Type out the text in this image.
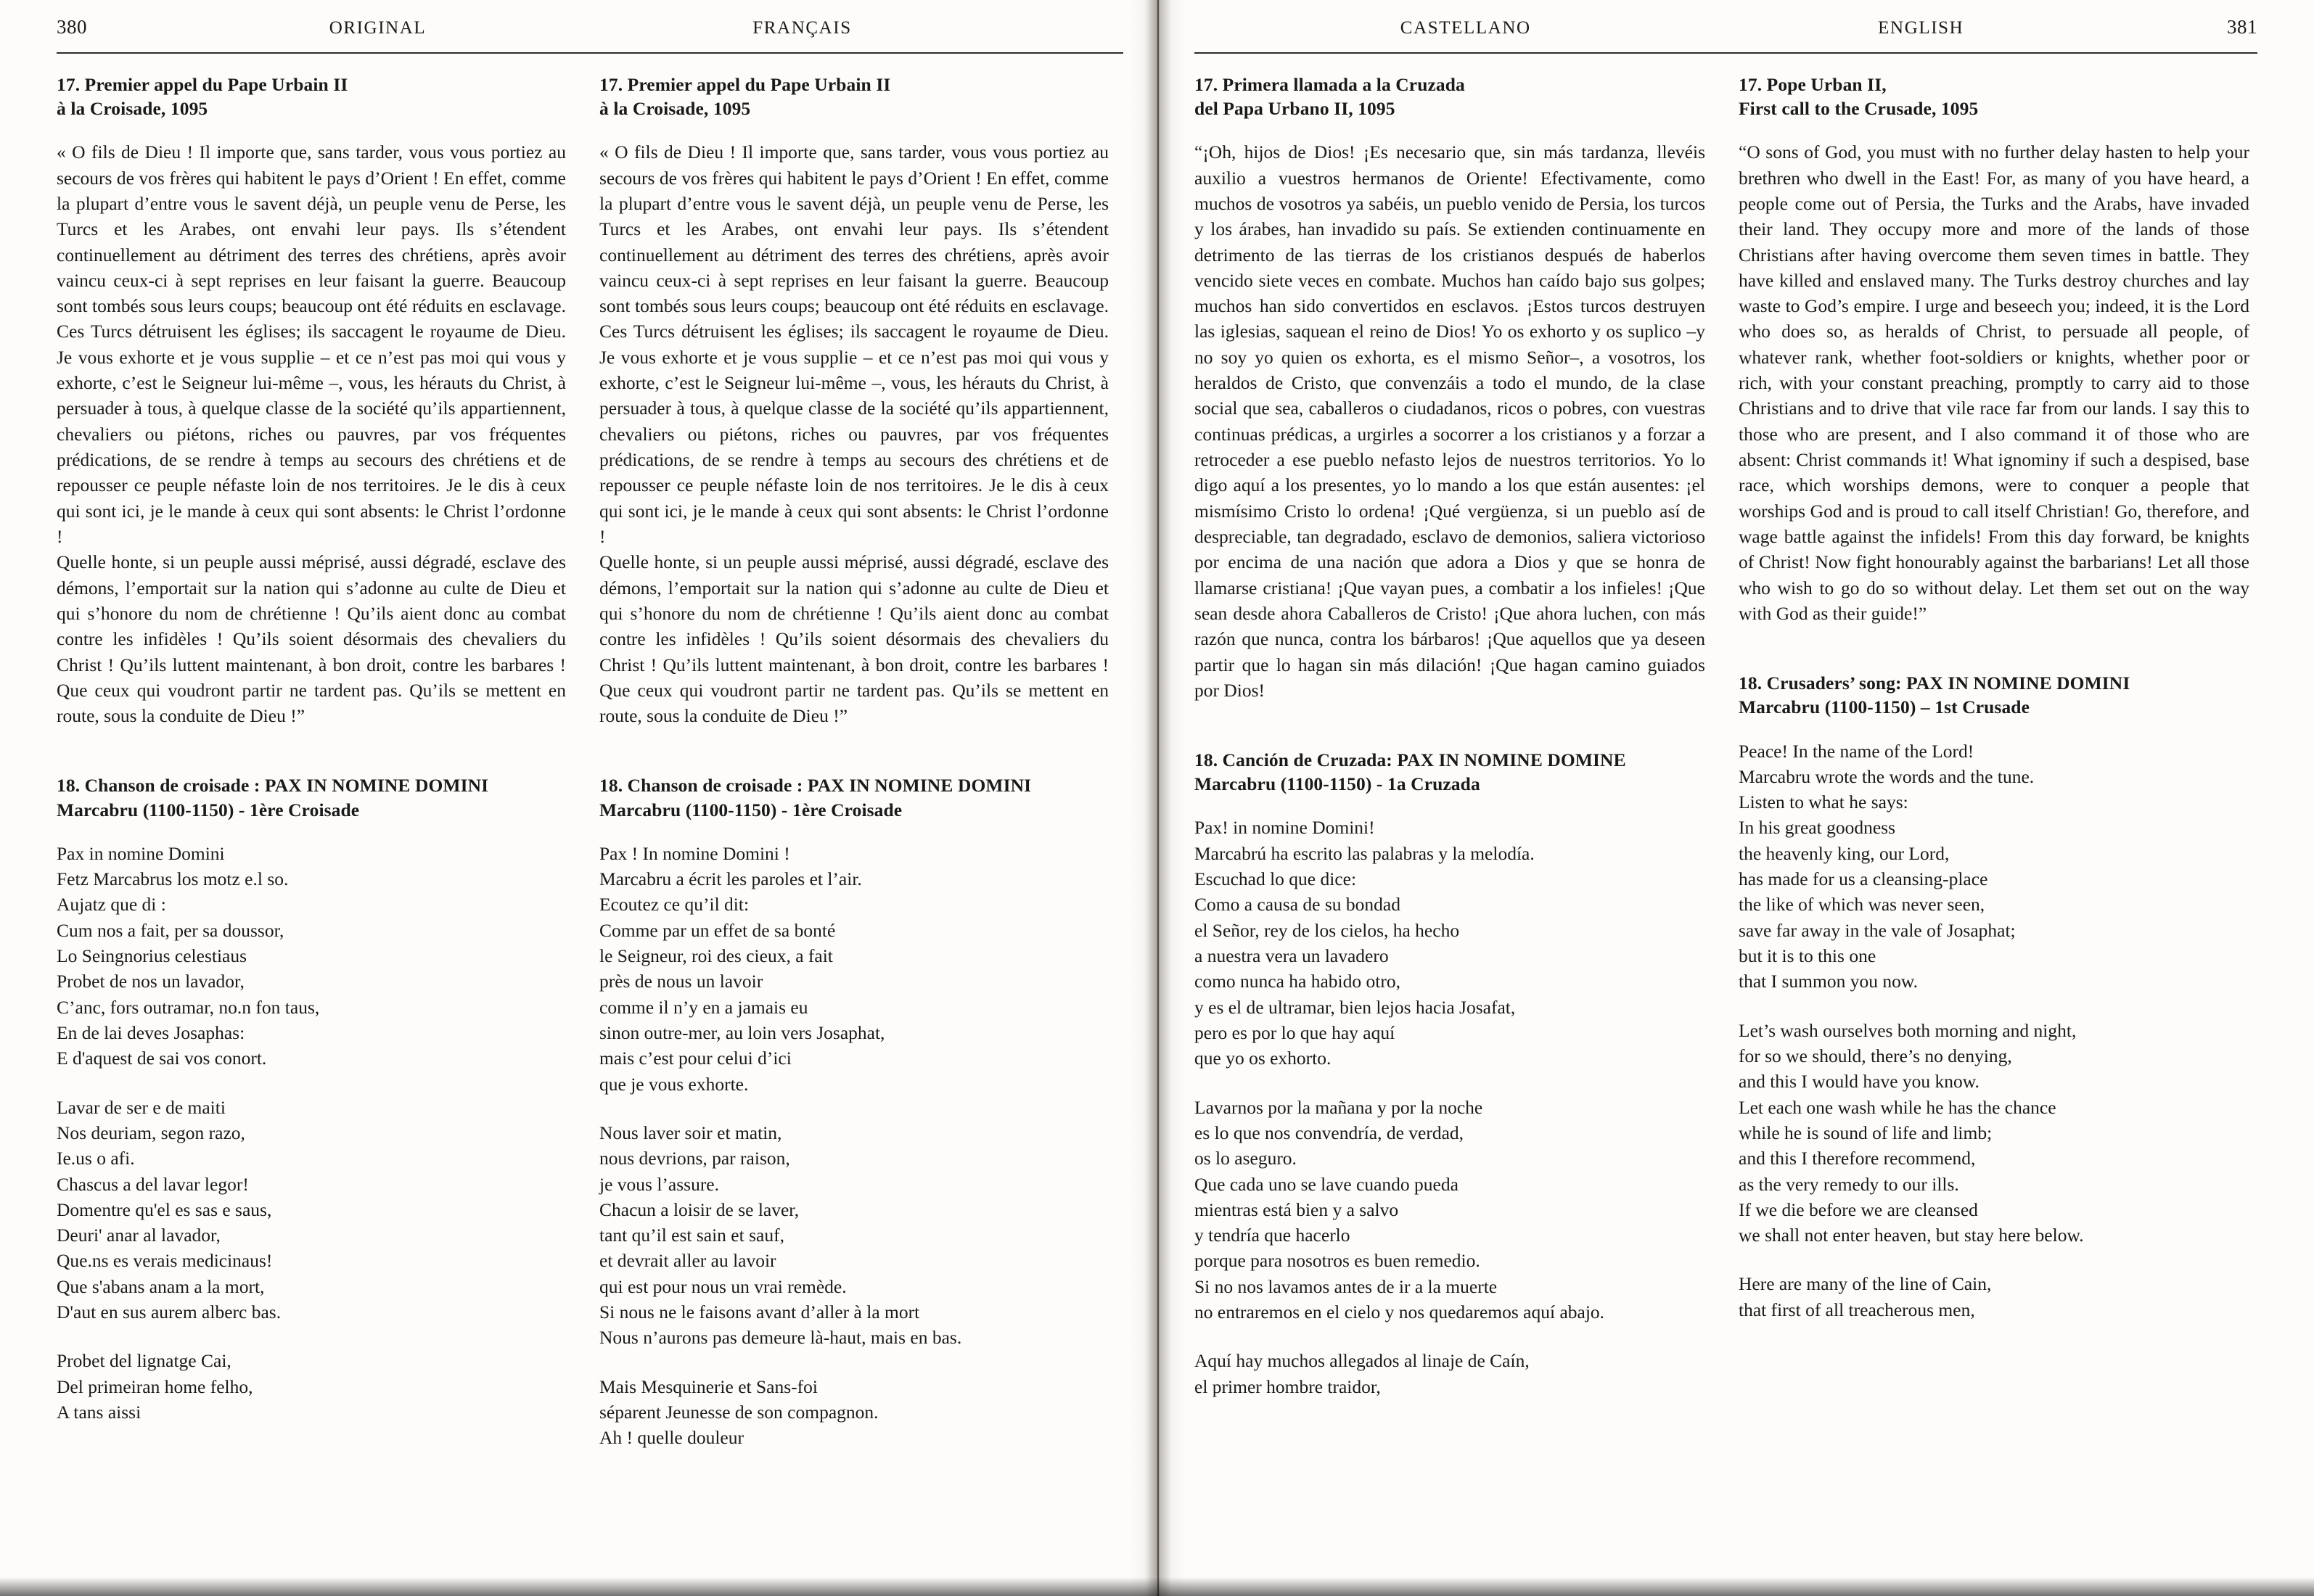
380	ORIGINAL	FRANÇAIS
17. Premier appel du Pape Urbain II
à la Croisade, 1095

« O fils de Dieu ! Il importe que, sans tarder, vous vous portiez au secours de vos frères qui habitent le pays d’Orient ! En effet, comme la plupart d’entre vous le savent déjà, un peuple venu de Perse, les Turcs et les Arabes, ont envahi leur pays. Ils s’étendent continuellement au détriment des terres des chrétiens, après avoir vaincu ceux-ci à sept reprises en leur faisant la guerre. Beaucoup sont tombés sous leurs coups; beaucoup ont été réduits en esclavage. Ces Turcs détruisent les églises; ils saccagent le royaume de Dieu. Je vous exhorte et je vous supplie – et ce n’est pas moi qui vous y exhorte, c’est le Seigneur lui-même –, vous, les hérauts du Christ, à persuader à tous, à quelque classe de la société qu’ils appartiennent, chevaliers ou piétons, riches ou pauvres, par vos fréquentes prédications, de se rendre à temps au secours des chrétiens et de repousser ce peuple néfaste loin de nos territoires. Je le dis à ceux qui sont ici, je le mande à ceux qui sont absents: le Christ l’ordonne !

Quelle honte, si un peuple aussi méprisé, aussi dégradé, esclave des démons, l’emportait sur la nation qui s’adonne au culte de Dieu et qui s’honore du nom de chrétienne ! Qu’ils aient donc au combat contre les infidèles ! Qu’ils soient désormais des chevaliers du Christ ! Qu’ils luttent maintenant, à bon droit, contre les barbares ! Que ceux qui voudront partir ne tardent pas. Qu’ils se mettent en route, sous la conduite de Dieu !”

18. Chanson de croisade : PAX IN NOMINE DOMINI
Marcabru (1100-1150) - 1ère Croisade
Pax in nomine Domini
Fetz Marcabrus los motz e.l so.
Aujatz que di :
Cum nos a fait, per sa doussor,
Lo Seingnorius celestiaus
Probet de nos un lavador,
C’anc, fors outramar, no.n fon taus,
En de lai deves Josaphas:
E d'aquest de sai vos conort.
Lavar de ser e de maiti
Nos deuriam, segon razo,
Ie.us o afi.
Chascus a del lavar legor!
Domentre qu'el es sas e saus,
Deuri' anar al lavador,
Que.ns es verais medicinaus!
Que s'abans anam a la mort,
D'aut en sus aurem alberc bas.
Probet del lignatge Cai,
Del primeiran home felho,
A tans aissi
17. Premier appel du Pape Urbain II
à la Croisade, 1095

« O fils de Dieu ! Il importe que, sans tarder, vous vous portiez au secours de vos frères qui habitent le pays d’Orient ! En effet, comme la plupart d’entre vous le savent déjà, un peuple venu de Perse, les Turcs et les Arabes, ont envahi leur pays. Ils s’étendent continuellement au détriment des terres des chrétiens, après avoir vaincu ceux-ci à sept reprises en leur faisant la guerre. Beaucoup sont tombés sous leurs coups; beaucoup ont été réduits en esclavage. Ces Turcs détruisent les églises; ils saccagent le royaume de Dieu. Je vous exhorte et je vous supplie – et ce n’est pas moi qui vous y exhorte, c’est le Seigneur lui-même –, vous, les hérauts du Christ, à persuader à tous, à quelque classe de la société qu’ils appartiennent, chevaliers ou piétons, riches ou pauvres, par vos fréquentes prédications, de se rendre à temps au secours des chrétiens et de repousser ce peuple néfaste loin de nos territoires. Je le dis à ceux qui sont ici, je le mande à ceux qui sont absents: le Christ l’ordonne !

Quelle honte, si un peuple aussi méprisé, aussi dégradé, esclave des démons, l’emportait sur la nation qui s’adonne au culte de Dieu et qui s’honore du nom de chrétienne ! Qu’ils aient donc au combat contre les infidèles ! Qu’ils soient désormais des chevaliers du Christ ! Qu’ils luttent maintenant, à bon droit, contre les barbares ! Que ceux qui voudront partir ne tardent pas. Qu’ils se mettent en route, sous la conduite de Dieu !”

18. Chanson de croisade : PAX IN NOMINE DOMINI
Marcabru (1100-1150) - 1ère Croisade
Pax ! In nomine Domini !
Marcabru a écrit les paroles et l’air.
Ecoutez ce qu’il dit:
Comme par un effet de sa bonté
le Seigneur, roi des cieux, a fait
près de nous un lavoir
comme il n’y en a jamais eu
sinon outre-mer, au loin vers Josaphat,
mais c’est pour celui d’ici
que je vous exhorte.
Nous laver soir et matin,
nous devrions, par raison,
je vous l’assure.
Chacun a loisir de se laver,
tant qu’il est sain et sauf,
et devrait aller au lavoir
qui est pour nous un vrai remède.
Si nous ne le faisons avant d’aller à la mort
Nous n’aurons pas demeure là-haut, mais en bas.
Mais Mesquinerie et Sans-foi
séparent Jeunesse de son compagnon.
Ah ! quelle douleur
CASTELLANO	ENGLISH	381
17. Primera llamada a la Cruzada
del Papa Urbano II, 1095

“¡Oh, hijos de Dios! ¡Es necesario que, sin más tardanza, llevéis auxilio a vuestros hermanos de Oriente! Efectivamente, como muchos de vosotros ya sabéis, un pueblo venido de Persia, los turcos y los árabes, han invadido su país. Se extienden continuamente en detrimento de las tierras de los cristianos después de haberlos vencido siete veces en combate. Muchos han caído bajo sus golpes; muchos han sido convertidos en esclavos. ¡Estos turcos destruyen las iglesias, saquean el reino de Dios! Yo os exhorto y os suplico –y no soy yo quien os exhorta, es el mismo Señor–, a vosotros, los heraldos de Cristo, que convenzáis a todo el mundo, de la clase social que sea, caballeros o ciudadanos, ricos o pobres, con vuestras continuas prédicas, a urgirles a socorrer a los cristianos y a forzar a retroceder a ese pueblo nefasto lejos de nuestros territorios. Yo lo digo aquí a los presentes, yo lo mando a los que están ausentes: ¡el mismísimo Cristo lo ordena! ¡Qué vergüenza, si un pueblo así de despreciable, tan degradado, esclavo de demonios, saliera victorioso por encima de una nación que adora a Dios y que se honra de llamarse cristiana! ¡Que vayan pues, a combatir a los infieles! ¡Que sean desde ahora Caballeros de Cristo! ¡Que ahora luchen, con más razón que nunca, contra los bárbaros! ¡Que aquellos que ya deseen partir que lo hagan sin más dilación! ¡Que hagan camino guiados por Dios!

18. Canción de Cruzada: PAX IN NOMINE DOMINE
Marcabru (1100-1150) - 1a Cruzada
Pax! in nomine Domini!
Marcabrú ha escrito las palabras y la melodía.
Escuchad lo que dice:
Como a causa de su bondad
el Señor, rey de los cielos, ha hecho
a nuestra vera un lavadero
como nunca ha habido otro,
y es el de ultramar, bien lejos hacia Josafat,
pero es por lo que hay aquí
que yo os exhorto.
Lavarnos por la mañana y por la noche
es lo que nos convendría, de verdad,
os lo aseguro.
Que cada uno se lave cuando pueda
mientras está bien y a salvo
y tendría que hacerlo
porque para nosotros es buen remedio.
Si no nos lavamos antes de ir a la muerte
no entraremos en el cielo y nos quedaremos aquí abajo.
Aquí hay muchos allegados al linaje de Caín,
el primer hombre traidor,
17. Pope Urban II,
First call to the Crusade, 1095

“O sons of God, you must with no further delay hasten to help your brethren who dwell in the East! For, as many of you have heard, a people come out of Persia, the Turks and the Arabs, have invaded their land. They occupy more and more of the lands of those Christians after having overcome them seven times in battle. They have killed and enslaved many. The Turks destroy churches and lay waste to God’s empire. I urge and beseech you; indeed, it is the Lord who does so, as heralds of Christ, to persuade all people, of whatever rank, whether foot-soldiers or knights, whether poor or rich, with your constant preaching, promptly to carry aid to those Christians and to drive that vile race far from our lands. I say this to those who are present, and I also command it of those who are absent: Christ commands it! What ignominy if such a despised, base race, which worships demons, were to conquer a people that worships God and is proud to call itself Christian! Go, therefore, and wage battle against the infidels! From this day forward, be knights of Christ! Now fight honourably against the barbarians! Let all those who wish to go do so without delay. Let them set out on the way with God as their guide!”

18. Crusaders’ song: PAX IN NOMINE DOMINI
Marcabru (1100-1150) – 1st Crusade
Peace! In the name of the Lord!
Marcabru wrote the words and the tune.
Listen to what he says:
In his great goodness
the heavenly king, our Lord,
has made for us a cleansing-place
the like of which was never seen,
save far away in the vale of Josaphat;
but it is to this one
that I summon you now.
Let’s wash ourselves both morning and night,
for so we should, there’s no denying,
and this I would have you know.
Let each one wash while he has the chance
while he is sound of life and limb;
and this I therefore recommend,
as the very remedy to our ills.
If we die before we are cleansed
we shall not enter heaven, but stay here below.
Here are many of the line of Cain,
that first of all treacherous men,
